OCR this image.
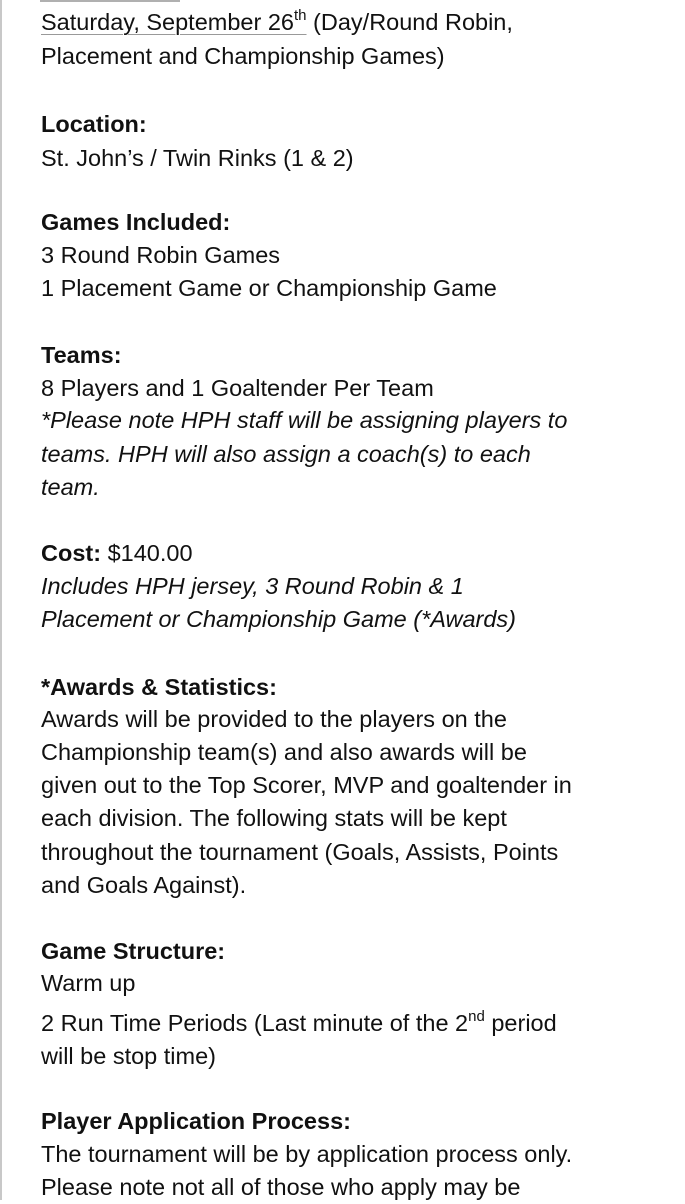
Saturday, September 26th (Day/Round Robin,
Placement and Championship Games)
Location:
St. John’s / Twin Rinks (1 & 2)
Games Included:
3 Round Robin Games
1 Placement Game or Championship Game
Teams:
8 Players and 1 Goaltender Per Team
*Please note HPH staff will be assigning players to
teams. HPH will also assign a coach(s) to each
team.
Cost: $140.00
Includes HPH jersey, 3 Round Robin & 1
Placement or Championship Game (*Awards)
*Awards & Statistics:
Awards will be provided to the players on the
Championship team(s) and also awards will be
given out to the Top Scorer, MVP and goaltender in
each division. The following stats will be kept
throughout the tournament (Goals, Assists, Points
and Goals Against).
Game Structure:
Warm up
2 Run Time Periods (Last minute of the 2nd period
will be stop time)
Player Application Process:
The tournament will be by application process only.
Please note not all of those who apply may be
